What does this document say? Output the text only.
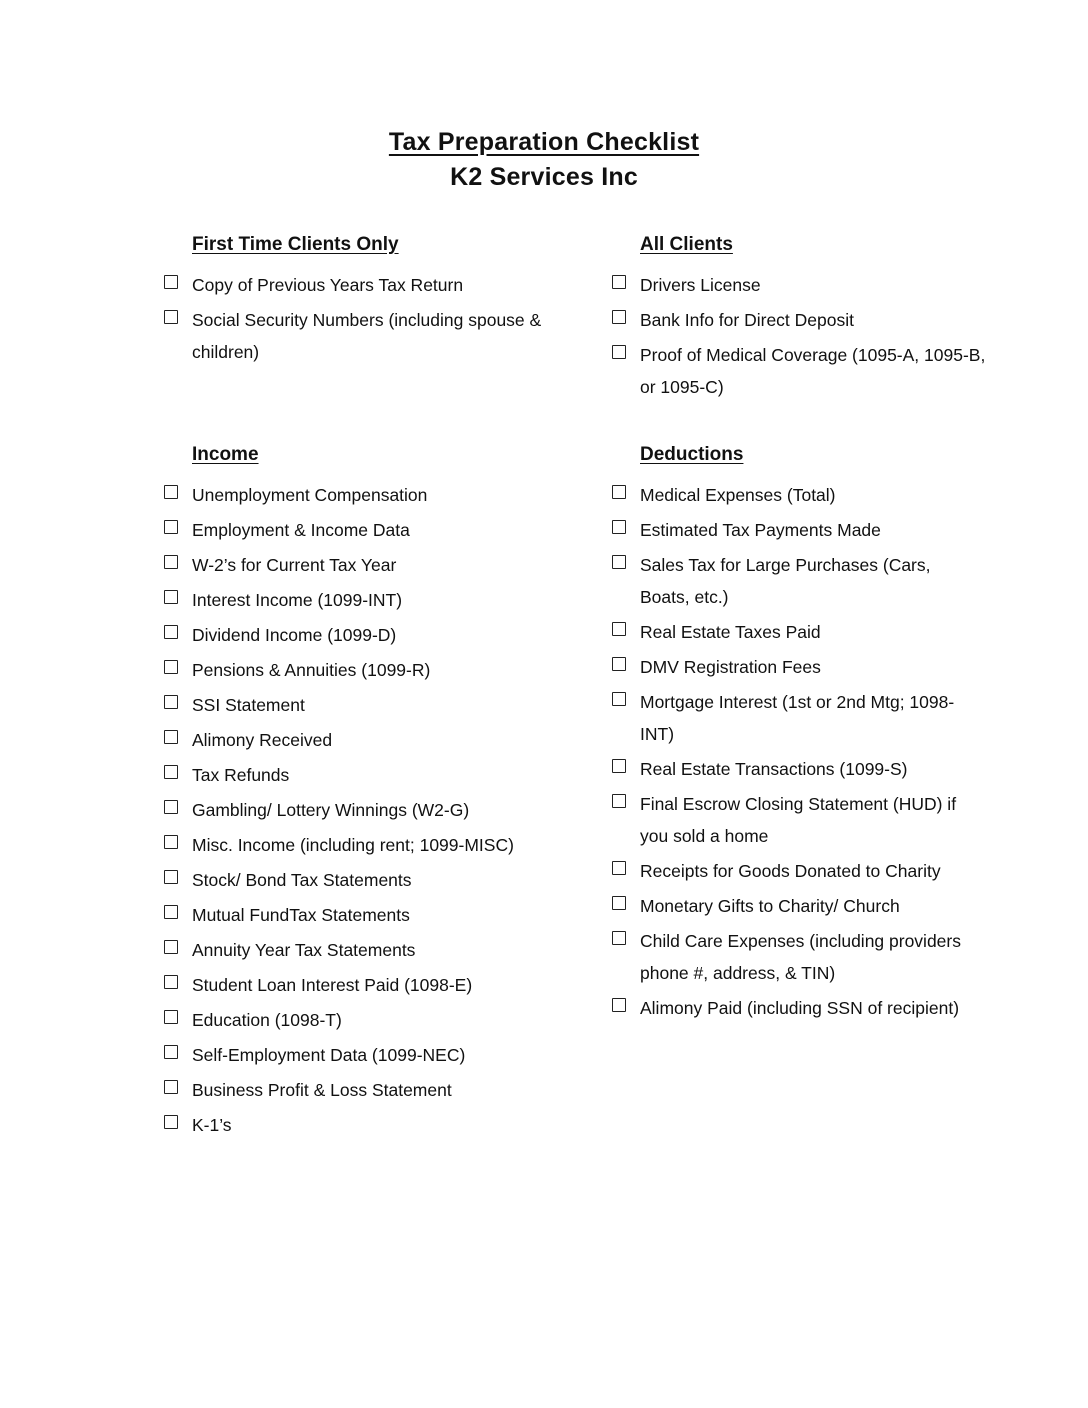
Tax Preparation Checklist
K2 Services Inc
First Time Clients Only
Copy of Previous Years Tax Return
Social Security Numbers (including spouse & children)
All Clients
Drivers License
Bank Info for Direct Deposit
Proof of Medical Coverage (1095-A, 1095-B, or 1095-C)
Income
Unemployment Compensation
Employment & Income Data
W-2’s for Current Tax Year
Interest Income (1099-INT)
Dividend Income (1099-D)
Pensions & Annuities (1099-R)
SSI Statement
Alimony Received
Tax Refunds
Gambling/ Lottery Winnings (W2-G)
Misc. Income (including rent; 1099-MISC)
Stock/ Bond Tax Statements
Mutual FundTax Statements
Annuity Year Tax Statements
Student Loan Interest Paid (1098-E)
Education (1098-T)
Self-Employment Data (1099-NEC)
Business Profit & Loss Statement
K-1’s
Deductions
Medical Expenses (Total)
Estimated Tax Payments Made
Sales Tax for Large Purchases (Cars, Boats, etc.)
Real Estate Taxes Paid
DMV Registration Fees
Mortgage Interest (1st or 2nd Mtg; 1098-INT)
Real Estate Transactions (1099-S)
Final Escrow Closing Statement (HUD) if you sold a home
Receipts for Goods Donated to Charity
Monetary Gifts to Charity/ Church
Child Care Expenses (including providers phone #, address, & TIN)
Alimony Paid (including SSN of recipient)
